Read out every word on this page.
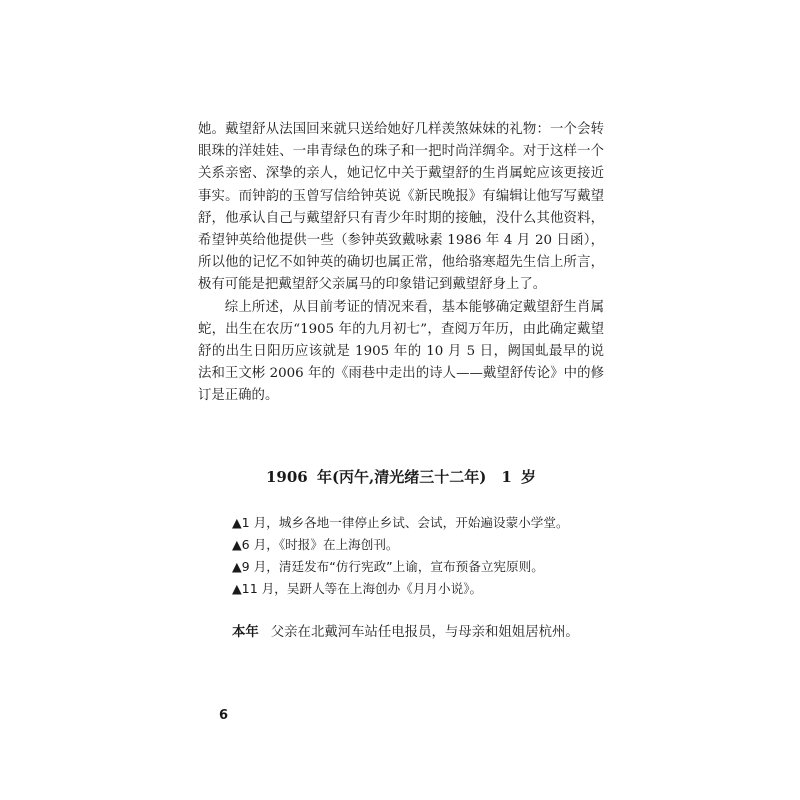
她。戴望舒从法国回来就只送给她好几样羡煞妹妹的礼物：一个会转眼珠的洋娃娃、一串青绿色的珠子和一把时尚洋绸伞。对于这样一个关系亲密、深挚的亲人，她记忆中关于戴望舒的生肖属蛇应该更接近事实。而钟韵的玉曾写信给钟英说《新民晚报》有编辑让他写写戴望舒，他承认自己与戴望舒只有青少年时期的接触，没什么其他资料，希望钟英给他提供一些（参钟英致戴咏素 1986 年 4 月 20 日函），所以他的记忆不如钟英的确切也属正常，他给骆寒超先生信上所言，极有可能是把戴望舒父亲属马的印象错记到戴望舒身上了。

综上所述，从目前考证的情况来看，基本能够确定戴望舒生肖属蛇，出生在农历“1905 年的九月初七”，查阅万年历，由此确定戴望舒的出生日阳历应该就是 1905 年的 10 月 5 日，阙国虬最早的说法和王文彬 2006 年的《雨巷中走出的诗人——戴望舒传论》中的修订是正确的。

1906 年(丙午,清光绪三十二年)　1 岁
▲1 月，城乡各地一律停止乡试、会试，开始遍设蒙小学堂。
▲6 月，《时报》在上海创刊。
▲9 月，清廷发布“仿行宪政”上谕，宣布预备立宪原则。
▲11 月，吴趼人等在上海创办《月月小说》。
本年 父亲在北戴河车站任电报员，与母亲和姐姐居杭州。
6
